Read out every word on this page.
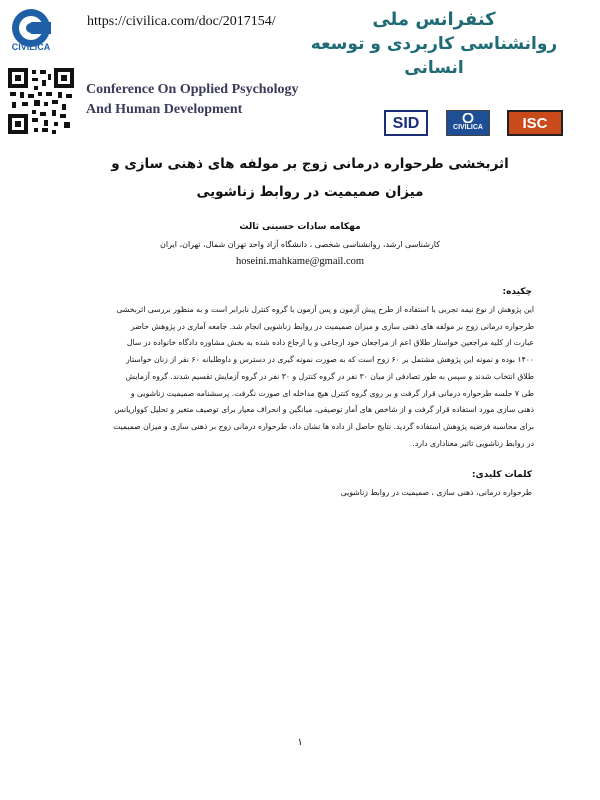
CIVILICA
https://civilica.com/doc/2017154/	کنفرانس ملی
روانشناسی کاربردی و توسعه انسانی
Conference On Opplied Psychology
And Human Development
SID	CIVILICA	ISC
اثربخشی طرحواره درمانی زوج بر مولفه های ذهنی سازی و میزان صمیمیت در روابط زناشویی
مهکامه سادات حسینی ثالث
کارشناسی ارشد، روانشناسی شخصی ، دانشگاه آزاد واحد تهران شمال، تهران، ایران
hoseini.mahkame@gmail.com
چکیده:
این پژوهش از نوع نیمه تجربی با استفاده از طرح پیش آزمون و پس آزمون با گروه کنترل نابرابر است و به منظور بررسی اثربخشی
طرحواره درمانی زوج بر مولفه های ذهنی سازی و میزان صمیمیت در روابط زناشویی انجام شد. جامعه آماری در پژوهش حاضر
عبارت از کلیه مراجعین خواستار طلاق اعم از مراجعان خود ارجاعی و یا ارجاع داده شده به بخش مشاوره دادگاه خانواده در سال
۱۴۰۰ بوده و نمونه این پژوهش مشتمل بر ۶۰ زوج است که به صورت نمونه گیری در دسترس و داوطلبانه ۶۰ نفر از زنان خواستار
طلاق انتخاب شدند و سپس به طور تصادفی از میان ۳۰ نفر در گروه کنترل و ۳۰ نفر در گروه آزمایش تقسیم شدند. گروه آزمایش
طی ۷ جلسه طرحواره درمانی قرار گرفت و بر روی گروه کنترل هیچ مداخله ای صورت نگرفت. پرسشنامه صمیمیت زناشویی و
ذهنی سازی مورد استفاده قرار گرفت و از شاخص های آمار توصیفی، میانگین و انحراف معیار برای توصیف متغیر و تحلیل کوواریانس
برای محاسبه فرضیه پژوهش استفاده گردید. نتایج حاصل از داده ها نشان داد، طرحواره درمانی زوج بر ذهنی سازی و میزان صمیمیت
در روابط زناشویی تاثیر معناداری دارد.
کلمات کلیدی:
طرحواره درمانی، ذهنی سازی ، صمیمیت در روابط زناشویی
۱
